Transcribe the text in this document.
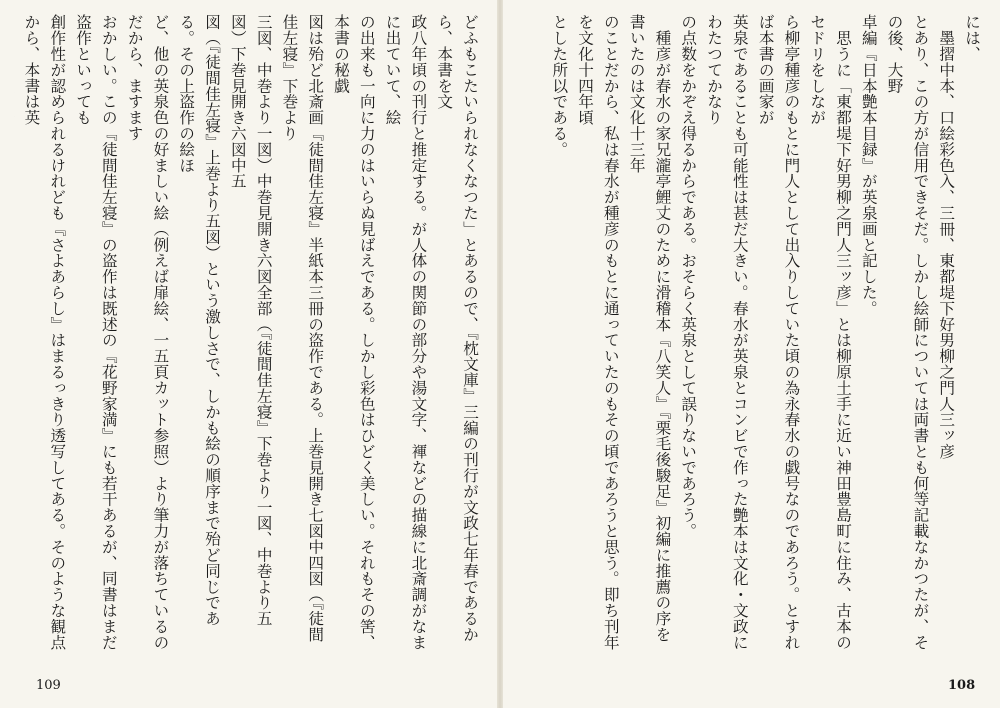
どふもこたいられなくなつた」とあるので、『枕文庫』三編の刊行が文政七年春であるから、本書を文

政八年頃の刊行と推定する。が人体の関節の部分や湯文字、褌などの描線に北斎調がなまに出ていて、絵

の出来も一向に力のはいらぬ見ばえである。しかし彩色はひどく美しい。それもその筈、本書の秘戯

図は殆ど北斎画『徒間佳左寝』半紙本三冊の盗作である。上巻見開き七図中四図（『徒間佳左寝』下巻より

三図、中巻より一図）中巻見開き六図全部（『徒間佳左寝』下巻より一図、中巻より五図）下巻見開き六図中五

図（『徒間佳左寝』上巻より五図）という激しさで、しかも絵の順序まで殆ど同じである。その上盗作の絵ほ

ど、他の英泉色の好ましい絵（例えば扉絵、一五頁カット参照）より筆力が落ちているのだから、ますます

おかしい。この『徒間佳左寝』の盗作は既述の『花野家満』にも若干あるが、同書はまだ盗作といっても

創作性が認められるけれども『さよあらし』はまるっきり透写してある。そのような観点から、本書は英

109

には、

　墨摺中本、口絵彩色入、三冊、東都堤下好男柳之門人三ッ彦

とあり、この方が信用できそだ。しかし絵師については両書とも何等記載なかつたが、その後、大野

卓編『日本艶本目録』が英泉画と記した。

　思うに「東都堤下好男柳之門人三ッ彦」とは柳原土手に近い神田豊島町に住み、古本のセドリをしなが

ら柳亭種彦のもとに門人として出入りしていた頃の為永春水の戯号なのであろう。とすれば本書の画家が

英泉であることも可能性は甚だ大きい。春水が英泉とコンビで作った艶本は文化・文政にわたつてかなり

の点数をかぞえ得るからである。おそらく英泉として誤りないであろう。

　種彦が春水の家兄瀧亭鯉丈のために滑稽本『八笑人』『栗毛後駿足』初編に推薦の序を書いたのは文化十三年

のことだから、私は春水が種彦のもとに通っていたのもその頃であろうと思う。即ち刊年を文化十四年頃

とした所以である。

108
